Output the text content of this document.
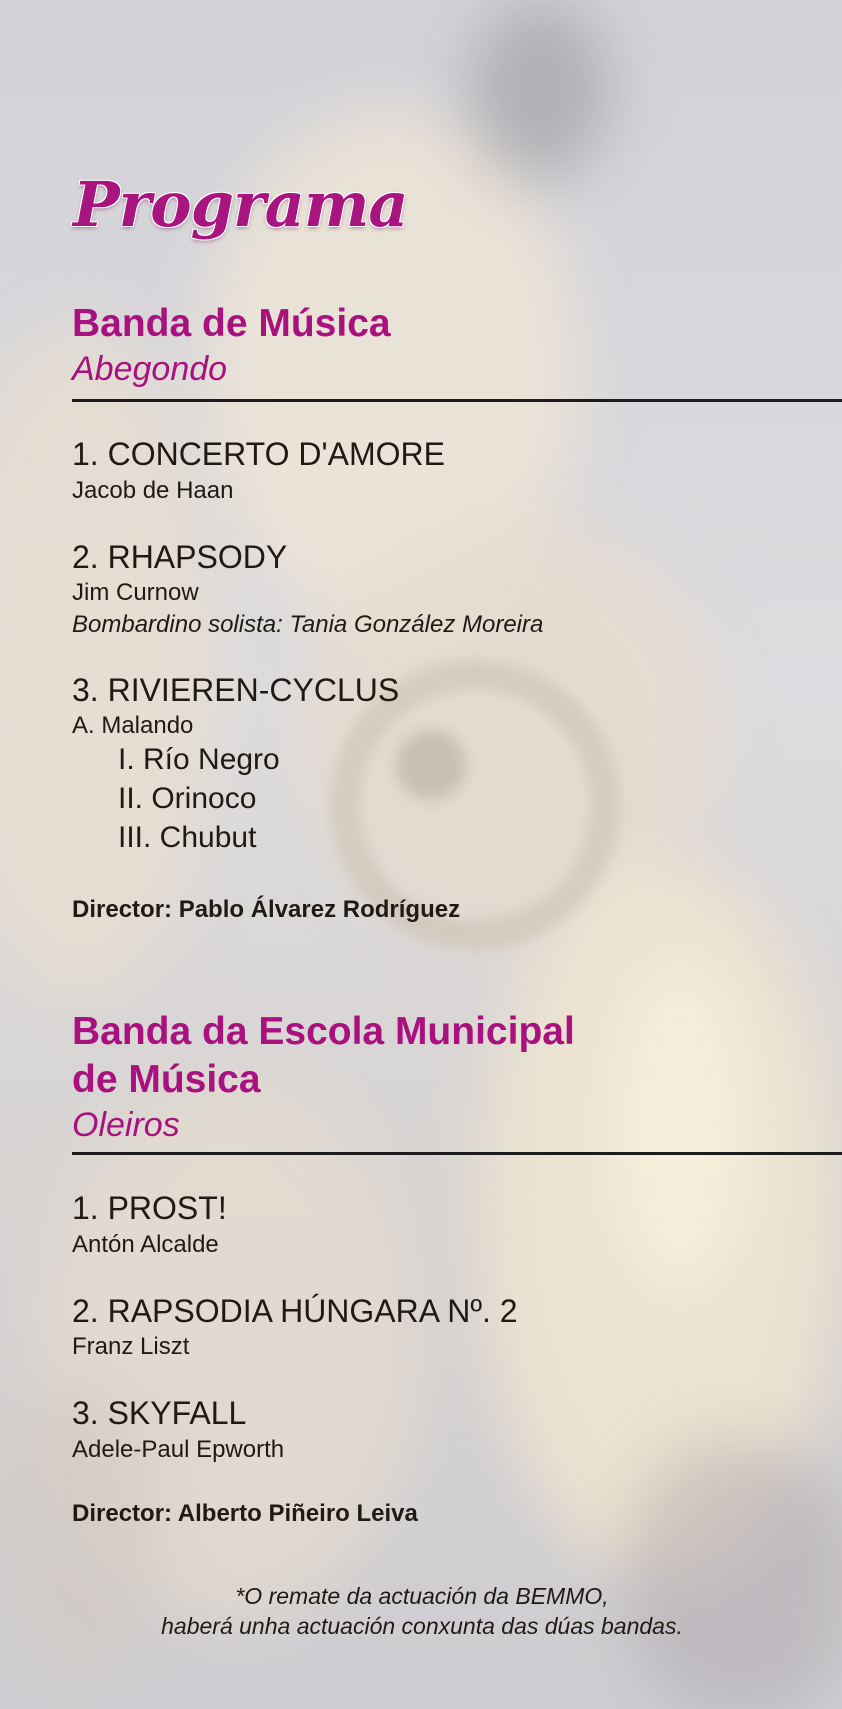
Programa
Banda de Música
Abegondo
1. CONCERTO D'AMORE
Jacob de Haan
2. RHAPSODY
Jim Curnow
Bombardino solista: Tania González Moreira
3. RIVIEREN-CYCLUS
A. Malando
I. Río Negro
II. Orinoco
III. Chubut
Director: Pablo Álvarez Rodríguez
Banda da Escola Municipal
de Música
Oleiros
1. PROST!
Antón Alcalde
2. RAPSODIA HÚNGARA Nº. 2
Franz Liszt
3. SKYFALL
Adele-Paul Epworth
Director: Alberto Piñeiro Leiva

*O remate da actuación da BEMMO,
haberá unha actuación conxunta das dúas bandas.
